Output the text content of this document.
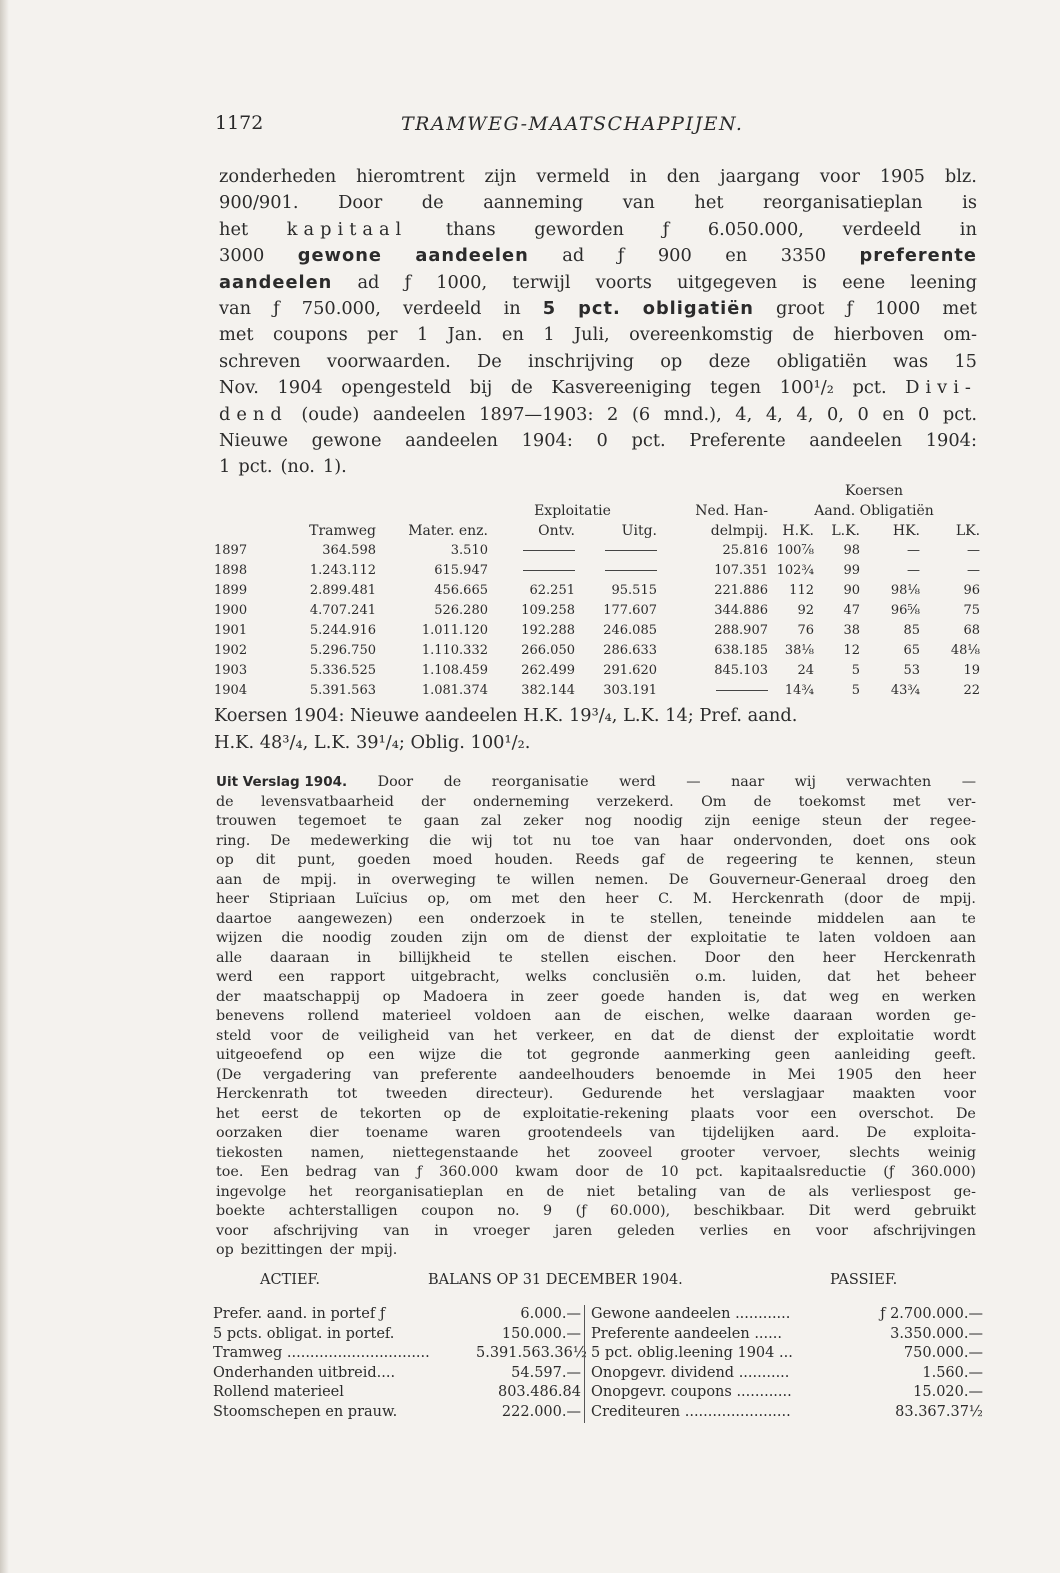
1172	TRAMWEG-MAATSCHAPPIJEN.
zonderheden hieromtrent zijn vermeld in den jaargang voor 1905 blz.
900/901. Door de aanneming van het reorganisatieplan is
het kapitaal thans geworden ƒ 6.050.000, verdeeld in
3000 gewone aandeelen ad ƒ 900 en 3350 preferente
aandeelen ad ƒ 1000, terwijl voorts uitgegeven is eene leening
van ƒ 750.000, verdeeld in 5 pct. obligatiën groot ƒ 1000 met
met coupons per 1 Jan. en 1 Juli, overeenkomstig de hierboven om-
schreven voorwaarden. De inschrijving op deze obligatiën was 15
Nov. 1904 opengesteld bij de Kasvereeniging tegen 100¹/₂ pct. Divi-
dend (oude) aandeelen 1897—1903: 2 (6 mnd.), 4, 4, 4, 0, 0 en 0 pct.
Nieuwe gewone aandeelen 1904: 0 pct. Preferente aandeelen 1904:
1 pct. (no. 1).
						Koersen			
			Exploitatie		Ned. Han-	Aand. Obligatiën			
	Tramweg	Mater. enz.	Ontv.	Uitg.	delmpij.	H.K.	L.K.	HK.	LK.
1897	364.598	3.510			25.816	100⅞	98	—	—
1898	1.243.112	615.947			107.351	102¾	99	—	—
1899	2.899.481	456.665	62.251	95.515	221.886	112	90	98⅛	96
1900	4.707.241	526.280	109.258	177.607	344.886	92	47	96⅝	75
1901	5.244.916	1.011.120	192.288	246.085	288.907	76	38	85	68
1902	5.296.750	1.110.332	266.050	286.633	638.185	38⅛	12	65	48⅛
1903	5.336.525	1.108.459	262.499	291.620	845.103	24	5	53	19
1904	5.391.563	1.081.374	382.144	303.191		14¾	5	43¾	22
Koersen 1904: Nieuwe aandeelen H.K. 19³/₄, L.K. 14; Pref. aand.
H.K. 48³/₄, L.K. 39¹/₄; Oblig. 100¹/₂.
Uit Verslag 1904. Door de reorganisatie werd — naar wij verwachten —
de levensvatbaarheid der onderneming verzekerd. Om de toekomst met ver-
trouwen tegemoet te gaan zal zeker nog noodig zijn eenige steun der regee-
ring. De medewerking die wij tot nu toe van haar ondervonden, doet ons ook
op dit punt, goeden moed houden. Reeds gaf de regeering te kennen, steun
aan de mpij. in overweging te willen nemen. De Gouverneur-Generaal droeg den
heer Stipriaan Luïcius op, om met den heer C. M. Herckenrath (door de mpij.
daartoe aangewezen) een onderzoek in te stellen, teneinde middelen aan te
wijzen die noodig zouden zijn om de dienst der exploitatie te laten voldoen aan
alle daaraan in billijkheid te stellen eischen. Door den heer Herckenrath
werd een rapport uitgebracht, welks conclusiën o.m. luiden, dat het beheer
der maatschappij op Madoera in zeer goede handen is, dat weg en werken
benevens rollend materieel voldoen aan de eischen, welke daaraan worden ge-
steld voor de veiligheid van het verkeer, en dat de dienst der exploitatie wordt
uitgeoefend op een wijze die tot gegronde aanmerking geen aanleiding geeft.
(De vergadering van preferente aandeelhouders benoemde in Mei 1905 den heer
Herckenrath tot tweeden directeur). Gedurende het verslagjaar maakten voor
het eerst de tekorten op de exploitatie-rekening plaats voor een overschot. De
oorzaken dier toename waren grootendeels van tijdelijken aard. De exploita-
tiekosten namen, niettegenstaande het zooveel grooter vervoer, slechts weinig
toe. Een bedrag van ƒ 360.000 kwam door de 10 pct. kapitaalsreductie (ƒ 360.000)
ingevolge het reorganisatieplan en de niet betaling van de als verliespost ge-
boekte achterstalligen coupon no. 9 (ƒ 60.000), beschikbaar. Dit werd gebruikt
voor afschrijving van in vroeger jaren geleden verlies en voor afschrijvingen
op bezittingen der mpij.
ACTIEF.	BALANS OP 31 DECEMBER 1904.	PASSIEF.
Prefer. aand. in portef ƒ	6.000.— Gewone aandeelen ............	ƒ 2.700.000.—
5 pcts. obligat. in portef.	150.000.— Preferente aandeelen ......	3.350.000.—
Tramweg ...............................	5.391.563.36½ 5 pct. oblig.leening 1904 ...	750.000.—
Onderhanden uitbreid....	54.597.— Onopgevr. dividend ...........	1.560.—
Rollend materieel	803.486.84 Onopgevr. coupons ............	15.020.—
Stoomschepen en prauw.	222.000.— Crediteuren .......................	83.367.37½
